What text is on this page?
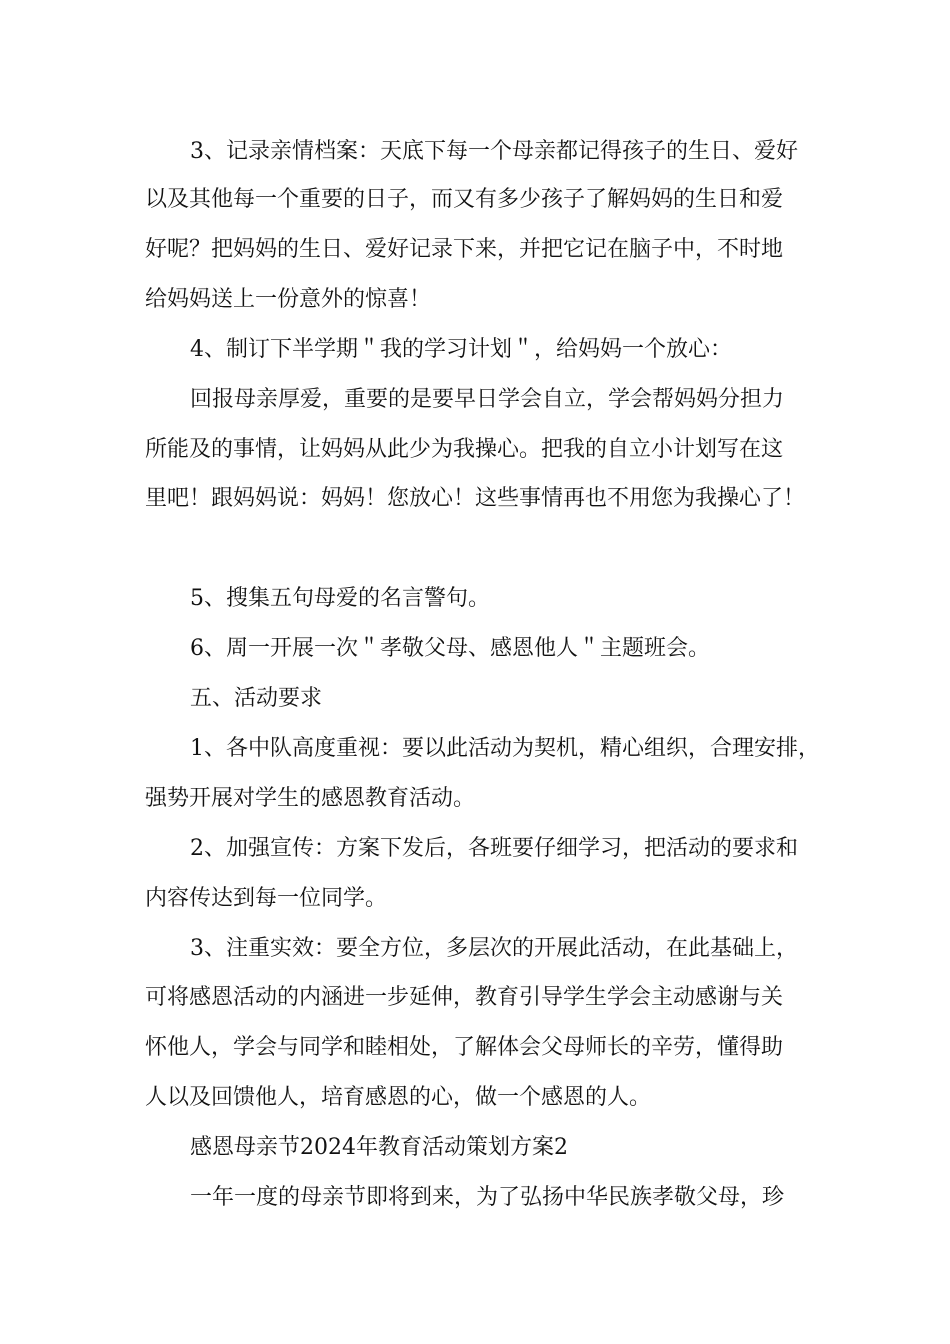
3、记录亲情档案：天底下每一个母亲都记得孩子的生日、爱好

以及其他每一个重要的日子，而又有多少孩子了解妈妈的生日和爱

好呢？把妈妈的生日、爱好记录下来，并把它记在脑子中，不时地

给妈妈送上一份意外的惊喜！

4、制订下半学期＂我的学习计划＂，给妈妈一个放心：

回报母亲厚爱，重要的是要早日学会自立，学会帮妈妈分担力

所能及的事情，让妈妈从此少为我操心。把我的自立小计划写在这

里吧！跟妈妈说：妈妈！您放心！这些事情再也不用您为我操心了！

5、搜集五句母爱的名言警句。

6、周一开展一次＂孝敬父母、感恩他人＂主题班会。

五、活动要求

1、各中队高度重视：要以此活动为契机，精心组织，合理安排，

强势开展对学生的感恩教育活动。

2、加强宣传：方案下发后，各班要仔细学习，把活动的要求和

内容传达到每一位同学。

3、注重实效：要全方位，多层次的开展此活动，在此基础上，

可将感恩活动的内涵进一步延伸，教育引导学生学会主动感谢与关

怀他人，学会与同学和睦相处，了解体会父母师长的辛劳，懂得助

人以及回馈他人，培育感恩的心，做一个感恩的人。

感恩母亲节2024年教育活动策划方案2

一年一度的母亲节即将到来，为了弘扬中华民族孝敬父母，珍
